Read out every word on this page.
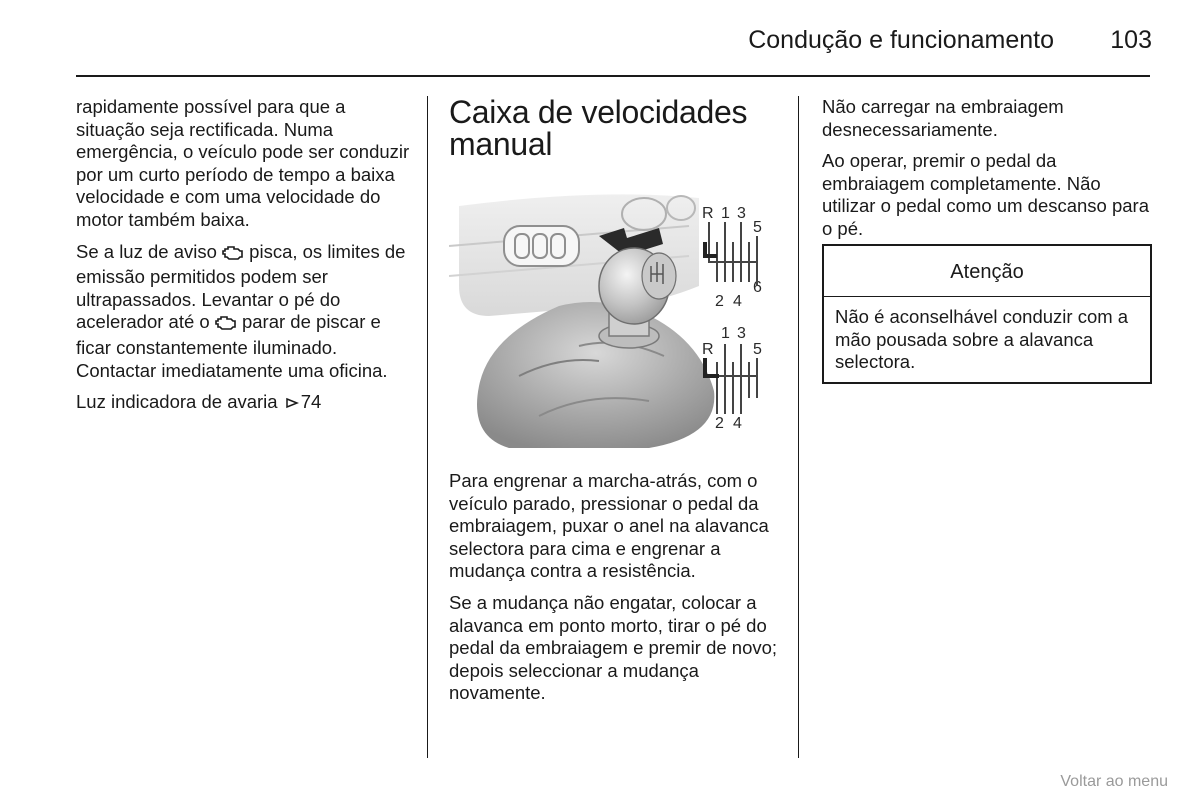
Condução e funcionamento 103

rapidamente possível para que a situação seja rectificada. Numa emergência, o veículo pode ser conduzir por um curto período de tempo a baixa velocidade e com uma velocidade do motor também baixa.

Se a luz de aviso  pisca, os limites de emissão permitidos podem ser ultrapassados. Levantar o pé do acelerador até o  parar de piscar e ficar constantemente iluminado. Contactar imediatamente uma oficina.

Luz indicadora de avaria 74

Caixa de velocidades manual
R 1 3
5
2 4
6
R
1 3
5
2 4

Para engrenar a marcha-atrás, com o veículo parado, pressionar o pedal da embraiagem, puxar o anel na alavanca selectora para cima e engrenar a mudança contra a resistência.

Se a mudança não engatar, colocar a alavanca em ponto morto, tirar o pé do pedal da embraiagem e premir de novo; depois seleccionar a mudança novamente.

Não carregar na embraiagem desnecessariamente.

Ao operar, premir o pedal da embraiagem completamente. Não utilizar o pedal como um descanso para o pé.

Atenção
Não é aconselhável conduzir com a mão pousada sobre a alavanca selectora.
Voltar ao menu
